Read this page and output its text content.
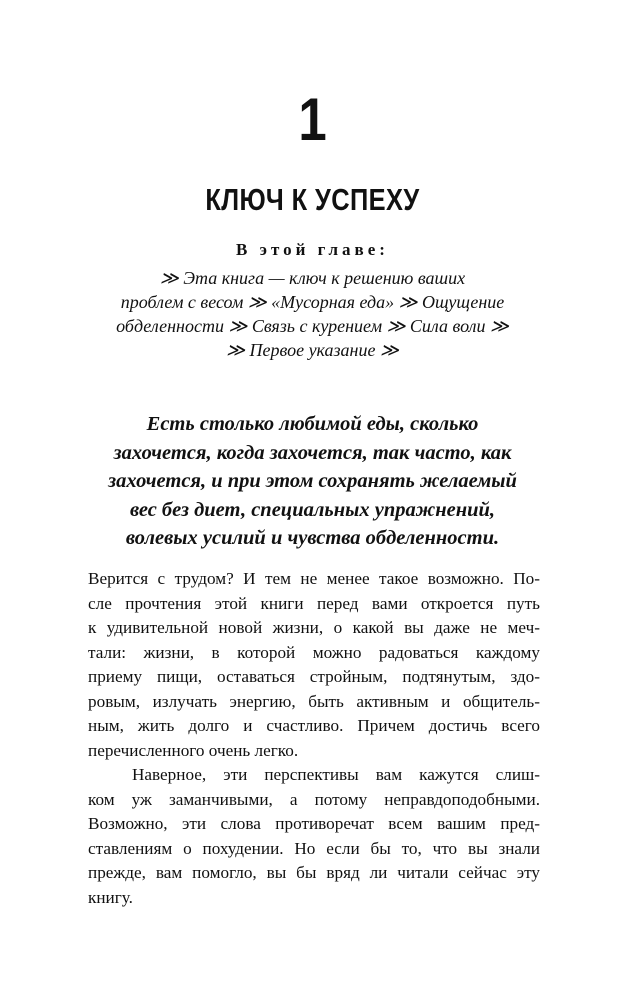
1
КЛЮЧ К УСПЕХУ
В этой главе:
≫ Эта книга — ключ к решению ваших
проблем с весом ≫ «Мусорная еда» ≫ Ощущение
обделенности ≫ Связь с курением ≫ Сила воли ≫
≫ Первое указание ≫
Есть столько любимой еды, сколько
захочется, когда захочется, так часто, как
захочется, и при этом сохранять желаемый
вес без диет, специальных упражнений,
волевых усилий и чувства обделенности.
Верится с трудом? И тем не менее такое возможно. По-
сле прочтения этой книги перед вами откроется путь
к удивительной новой жизни, о какой вы даже не меч-
тали: жизни, в которой можно радоваться каждому
приему пищи, оставаться стройным, подтянутым, здо-
ровым, излучать энергию, быть активным и общитель-
ным, жить долго и счастливо. Причем достичь всего
перечисленного очень легко.
Наверное, эти перспективы вам кажутся слиш-
ком уж заманчивыми, а потому неправдоподобными.
Возможно, эти слова противоречат всем вашим пред-
ставлениям о похудении. Но если бы то, что вы знали
прежде, вам помогло, вы бы вряд ли читали сейчас эту
книгу.
